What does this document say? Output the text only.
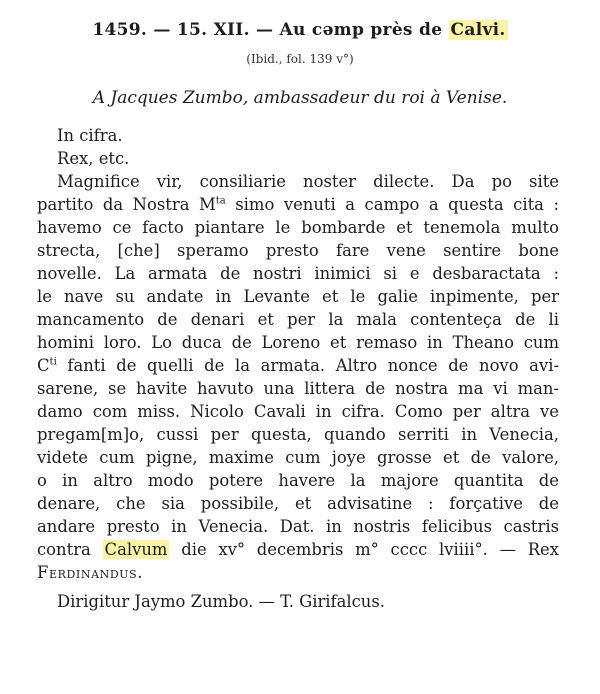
1459. — 15. XII. — Au cəmp près de Calvi.
(Ibid., fol. 139 v°)
A Jacques Zumbo, ambassadeur du roi à Venise.
In cifra.
Rex, etc.
Magnifice vir, consiliarie noster dilecte. Da po site
partito da Nostra $M^{ta}$ simo venuti a campo a questa cita :
havemo ce facto piantare le bombarde et tenemola multo
strecta, [che] speramo presto fare vene sentire bone
novelle. La armata de nostri inimici si e desbaractata :
le nave su andate in Levante et le galie inpimente, per
mancamento de denari et per la mala contenteça de li
homini loro. Lo duca de Loreno et remaso in Theano cum
$C^{ti}$ fanti de quelli de la armata. Altro nonce de novo avi-
sarene, se havite havuto una littera de nostra ma vi man-
damo com miss. Nicolo Cavali in cifra. Como per altra ve
pregam[m]o, cussi per questa, quando serriti in Venecia,
videte cum pigne, maxime cum joye grosse et de valore,
o in altro modo potere havere la majore quantita de
denare, che sia possibile, et advisatine : forçative de
andare presto in Venecia. Dat. in nostris felicibus castris
contra Calvum die xv° decembris m° cccc lviiii°. — Rex
Ferdinandus.
Dirigitur Jaymo Zumbo. — T. Girifalcus.
